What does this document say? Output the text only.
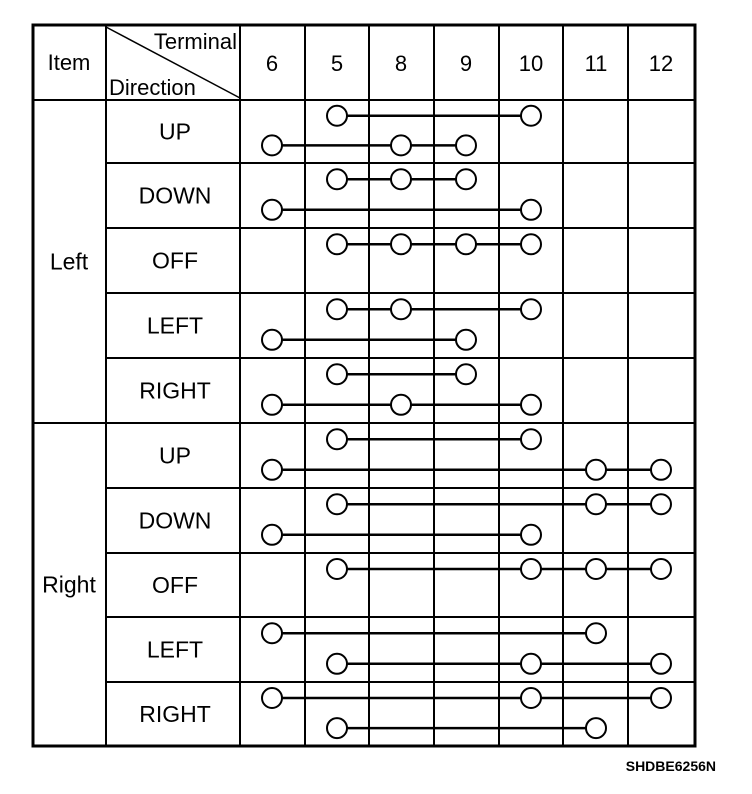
Item
Terminal
Direction
6 5 8 9 10 11 12
Left
Right
UP
DOWN
OFF
LEFT
RIGHT
UP
DOWN
OFF
LEFT
RIGHT
SHDBE6256N
